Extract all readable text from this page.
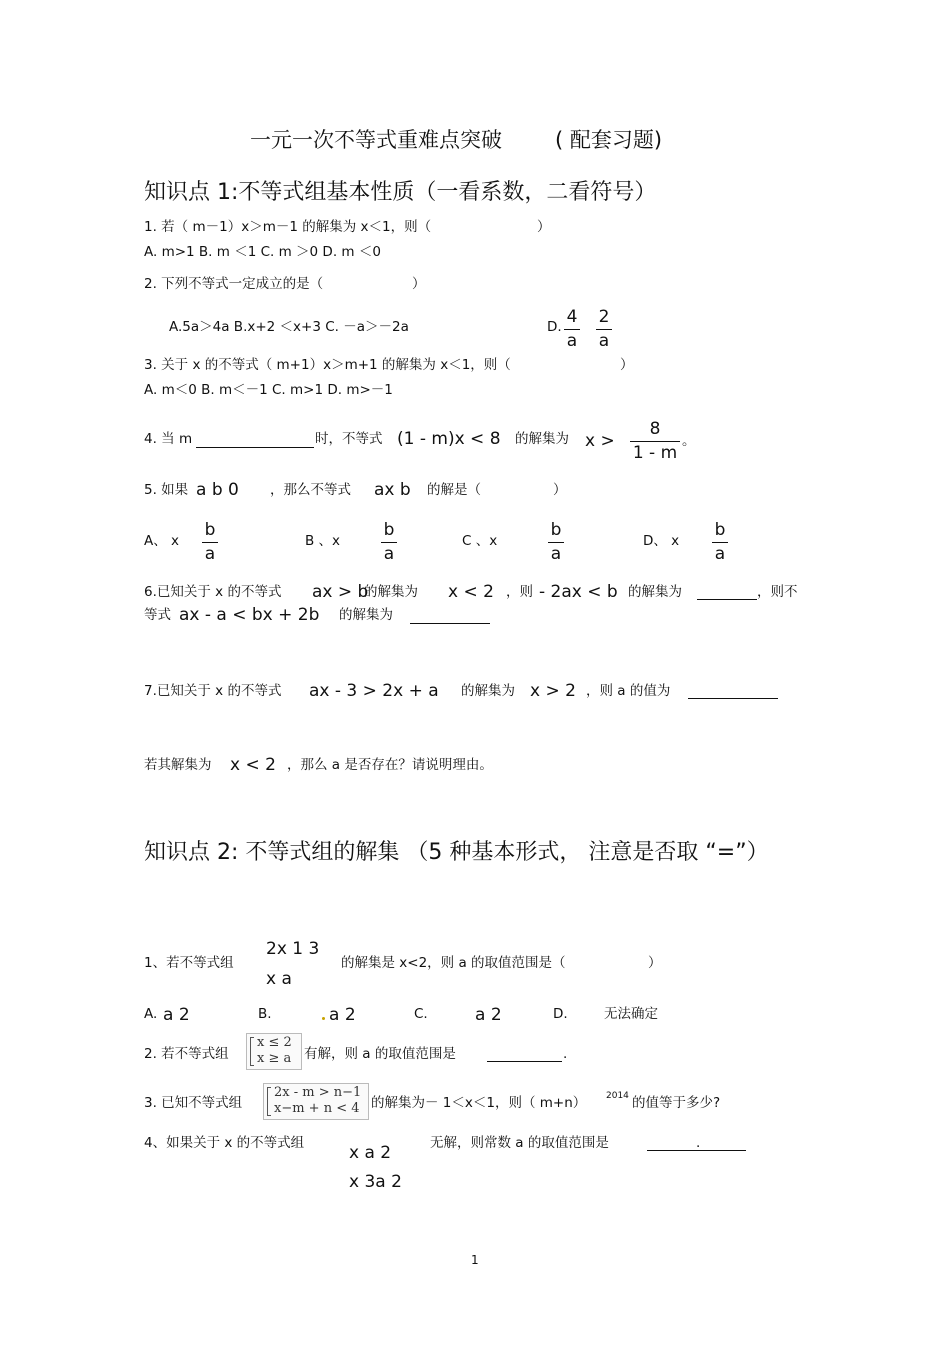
一元一次不等式重难点突破	( 配套习题)
知识点 1:不等式组基本性质（一看系数，二看符号）
1. 若（ m－1）x＞m－1 的解集为 x＜1，则（	）
A. m>1 B. m ＜1 C. m ＞0 D. m ＜0
2. 下列不等式一定成立的是（	）
A.5a＞4a B.x+2 ＜x+3 C. －a＞－2a	D. 4
a
2
a
3. 关于 x 的不等式（ m+1）x＞m+1 的解集为 x＜1，则（	）
A. m＜0 B. m＜－1 C. m>1 D. m>－1
4. 当 m	时，不等式 (1 - m)x < 8 的解集为 x >
8
1 - m
。
5. 如果 a b 0 ，那么不等式 ax b 的解是（	）
A、 x
b
a
B 、x
b
a
C 、x
b
a
D、 x
b
a
6.已知关于 x 的不等式 ax > b
的解集为 x < 2 ，则 - 2ax < b 的解集为	，则不
等式 ax - a < bx + 2b 的解集为
7.已知关于 x 的不等式 ax - 3 > 2x + a 的解集为 x > 2 ，则 a 的值为
若其解集为 x < 2 ，那么 a 是否存在？请说明理由。
知识点 2: 不等式组的解集 （5 种基本形式， 注意是否取 “=”）
2x 1 3
x a
1、若不等式组	的解集是 x<2，则 a 的取值范围是（	）
A. a 2	B.	a 2	C.	a 2	D.	无法确定
2. 若不等式组
x ≤ 2
x ≥ a 有解，则 a 的取值范围是	.
3. 已知不等式组
2x - m > n−1
x−m + n < 4 的解集为－ 1＜x＜1，则（ m+n） 2014 的值等于多少?
4、如果关于 x 的不等式组	x a 2
x 3a 2
无解，则常数 a 的取值范围是	.
1
